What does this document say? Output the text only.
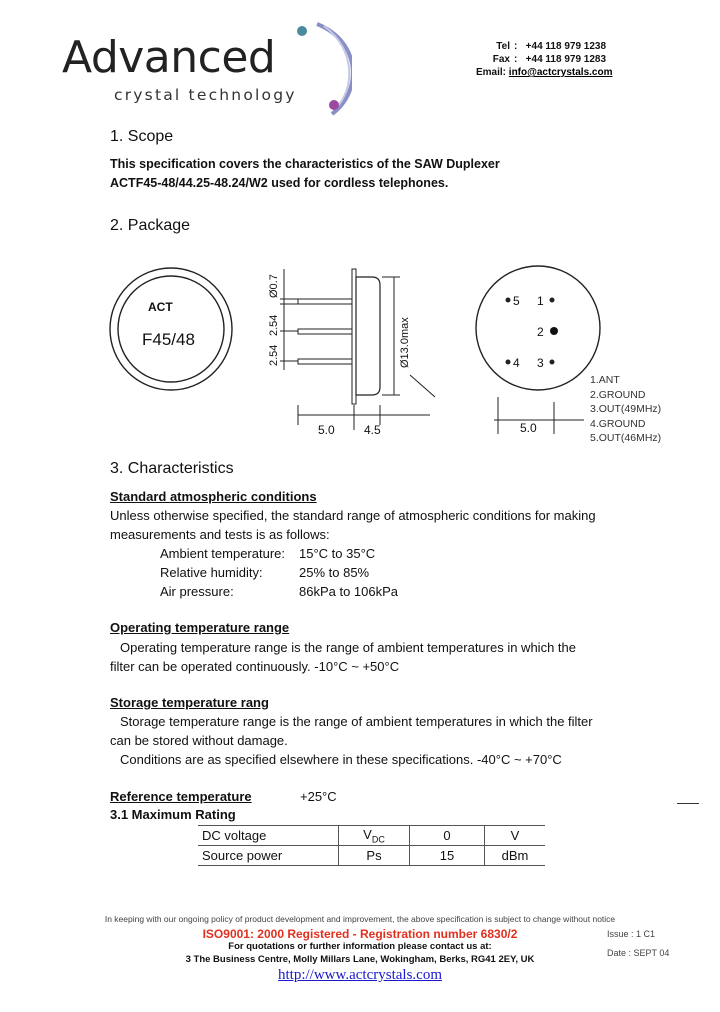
Advanced
crystal technology
Tel :   +44 118 979 1238
Fax :   +44 118 979 1283
Email: info@actcrystals.com
1. Scope
This specification covers the characteristics of the SAW Duplexer
ACTF45-48/44.25-48.24/W2 used for cordless telephones.
2. Package
ACT
F45/48
Ø0.7
2.54
2.54	Ø13.0max
5.0 4.5
5 1
2
4 3
5.0
1.ANT
2.GROUND
3.OUT(49MHz)
4.GROUND
5.OUT(46MHz)
3. Characteristics
Standard atmospheric conditions
Unless otherwise specified, the standard range of atmospheric conditions for making
measurements and tests is as follows:
Ambient temperature:	15°C to 35°C
Relative humidity:	25% to 85%
Air pressure:	86kPa to 106kPa
Operating temperature range
Operating temperature range is the range of ambient temperatures in which the
filter can be operated continuously. -10°C ~ +50°C
Storage temperature rang
Storage temperature range is the range of ambient temperatures in which the filter
can be stored without damage.
Conditions are as specified elsewhere in these specifications. -40°C ~ +70°C
Reference temperature	+25°C
3.1 Maximum Rating
DC voltage	$V_{DC}$	0	V
Source power	Ps	15	dBm
In keeping with our ongoing policy of product development and improvement, the above specification is subject to change without notice
ISO9001: 2000 Registered - Registration number 6830/2
For quotations or further information please contact us at:
3 The Business Centre, Molly Millars Lane, Wokingham, Berks, RG41 2EY, UK
http://www.actcrystals.com
Issue : 1 C1
Date : SEPT 04
